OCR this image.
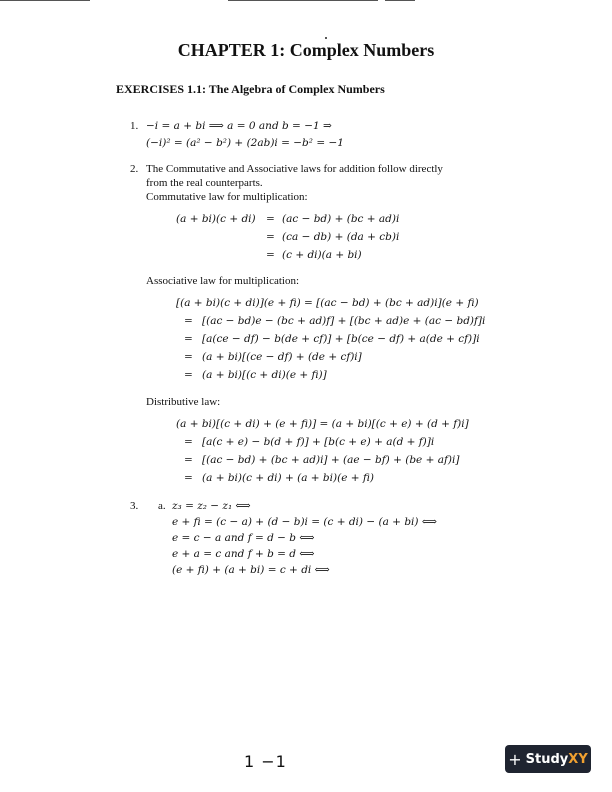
CHAPTER 1: Complex Numbers
EXERCISES 1.1: The Algebra of Complex Numbers
1. −i = a + bi ⟹ a = 0 and b = −1 ⇒
(−i)² = (a² − b²) + (2ab)i = −b² = −1
2. The Commutative and Associative laws for addition follow directly
from the real counterparts.
Commutative law for multiplication:
(a + bi)(c + di) = (ac − bd) + (bc + ad)i
= (ca − db) + (da + cb)i
= (c + di)(a + bi)
Associative law for multiplication:
[(a + bi)(c + di)](e + fi) = [(ac − bd) + (bc + ad)i](e + fi)
= [(ac − bd)e − (bc + ad)f] + [(bc + ad)e + (ac − bd)f]i
= [a(ce − df) − b(de + cf)] + [b(ce − df) + a(de + cf)]i
= (a + bi)[(ce − df) + (de + cf)i]
= (a + bi)[(c + di)(e + fi)]
Distributive law:
(a + bi)[(c + di) + (e + fi)] = (a + bi)[(c + e) + (d + f)i]
= [a(c + e) − b(d + f)] + [b(c + e) + a(d + f)]i
= [(ac − bd) + (bc + ad)i] + (ae − bf) + (be + af)i]
= (a + bi)(c + di) + (a + bi)(e + fi)
3. a. z₃ = z₂ − z₁ ⟺
e + fi = (c − a) + (d − b)i = (c + di) − (a + bi) ⟺
e = c − a and f = d − b ⟺
e + a = c and f + b = d ⟺
(e + fi) + (a + bi) = c + di ⟺
1 −1	+ Study XY
